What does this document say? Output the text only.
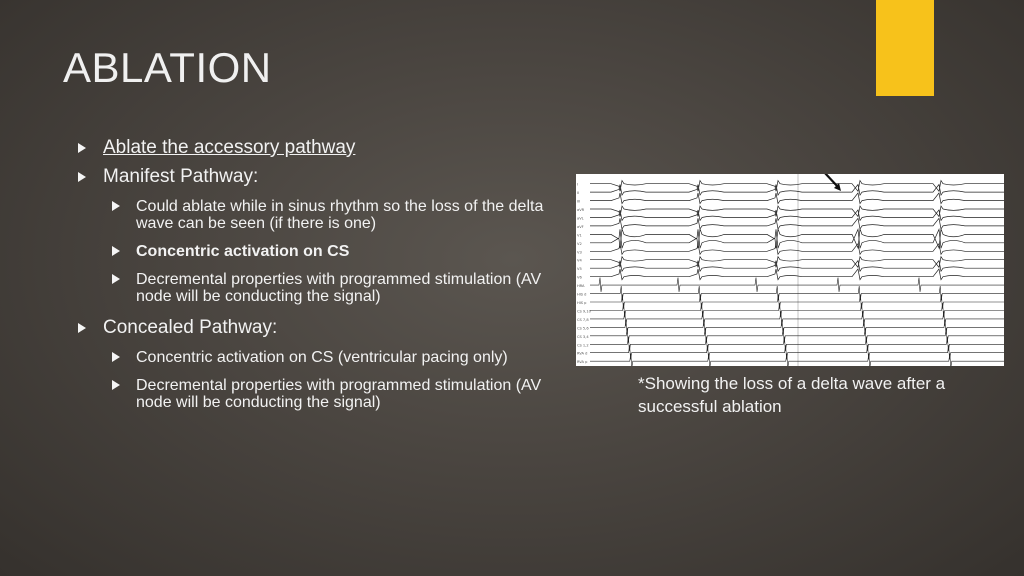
ABLATION
Ablate the accessory pathway
Manifest Pathway:
Could ablate while in sinus rhythm so the loss of the delta wave can be seen (if there is one)
Concentric activation on CS
Decremental properties with programmed stimulation (AV node will be conducting the signal)
Concealed Pathway:
Concentric activation on CS (ventricular pacing only)
Decremental properties with programmed stimulation (AV node will be conducting the signal)
I
II
III
aVR
aVL
aVF
V1
V2
V3
V4
V5
V6
HRA
HIS d
HIS p
CS 9,10
CS 7,8
CS 5,6
CS 3,4
CS 1,2
RVA d
RVA p

*Showing the loss of a delta wave after a successful ablation
